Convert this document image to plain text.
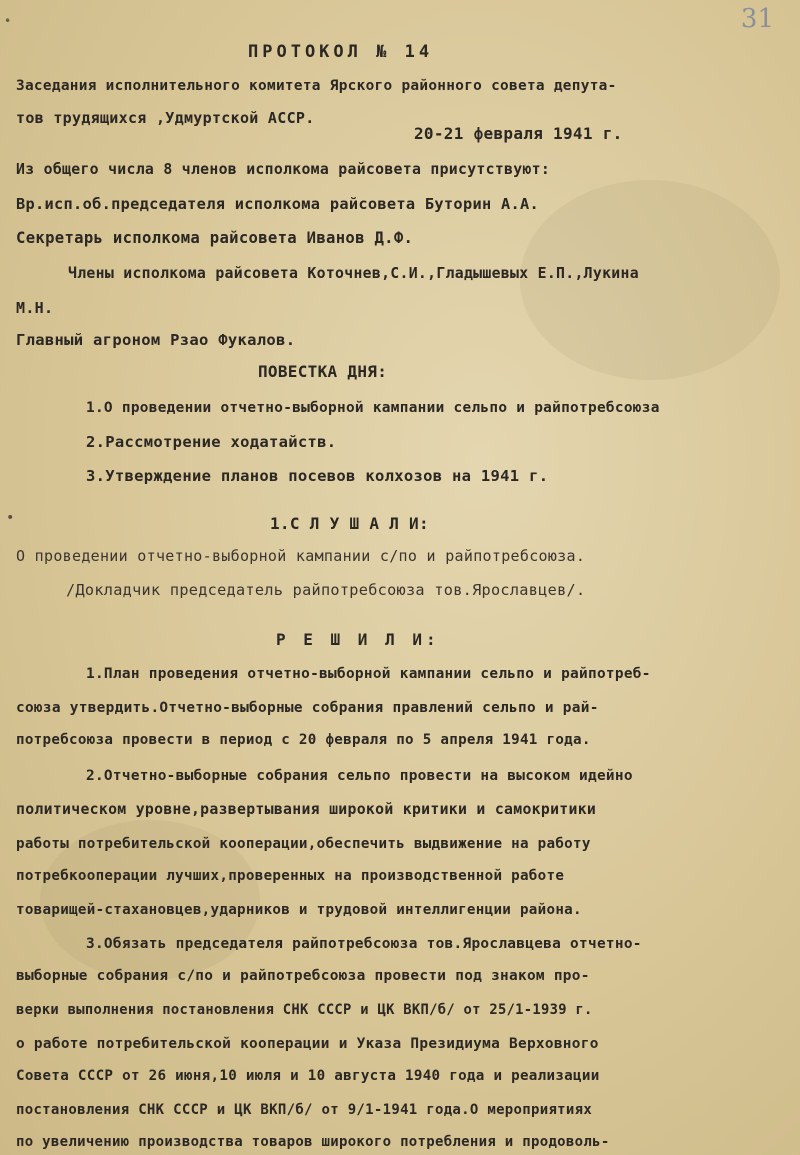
•	31
•
ПРОТОКОЛ № 14
Заседания исполнительного комитета Ярского районного совета депута-
тов трудящихся ,Удмуртской АССР.
20-21 февраля 1941 г.
Из общего числа 8 членов исполкома райсовета присутствуют:
Вр.исп.об.председателя исполкома райсовета Буторин А.А.
Секретарь исполкома райсовета Иванов Д.Ф.
Члены исполкома райсовета Коточнев,С.И.,Гладышевых Е.П.,Лукина
М.Н.
Главный агроном Рзао Фукалов.
ПОВЕСТКА ДНЯ:
1.О проведении отчетно-выборной кампании сельпо и райпотребсоюза
2.Рассмотрение ходатайств.
3.Утверждение планов посевов колхозов на 1941 г.
1.С Л У Ш А Л И:
О проведении отчетно-выборной кампании с/по и райпотребсоюза.
/Докладчик председатель райпотребсоюза тов.Ярославцев/.
Р Е Ш И Л И:
1.План проведения отчетно-выборной кампании сельпо и райпотреб-
союза утвердить.Отчетно-выборные собрания правлений сельпо и рай-
потребсоюза провести в период с 20 февраля по 5 апреля 1941 года.
2.Отчетно-выборные собрания сельпо провести на высоком идейно
политическом уровне,развертывания широкой критики и самокритики
работы потребительской кооперации,обеспечить выдвижение на работу
потребкооперации лучших,проверенных на производственной работе
товарищей-стахановцев,ударников и трудовой интеллигенции района.
3.Обязать председателя райпотребсоюза тов.Ярославцева отчетно-
выборные собрания с/по и райпотребсоюза провести под знаком про-
верки выполнения постановления СНК СССР и ЦК ВКП/б/ от 25/1-1939 г.
о работе потребительской кооперации и Указа Президиума Верховного
Совета СССР от 26 июня,10 июля и 10 августа 1940 года и реализации
постановления СНК СССР и ЦК ВКП/б/ от 9/1-1941 года.О мероприятиях
по увеличению производства товаров широкого потребления и продоволь-
